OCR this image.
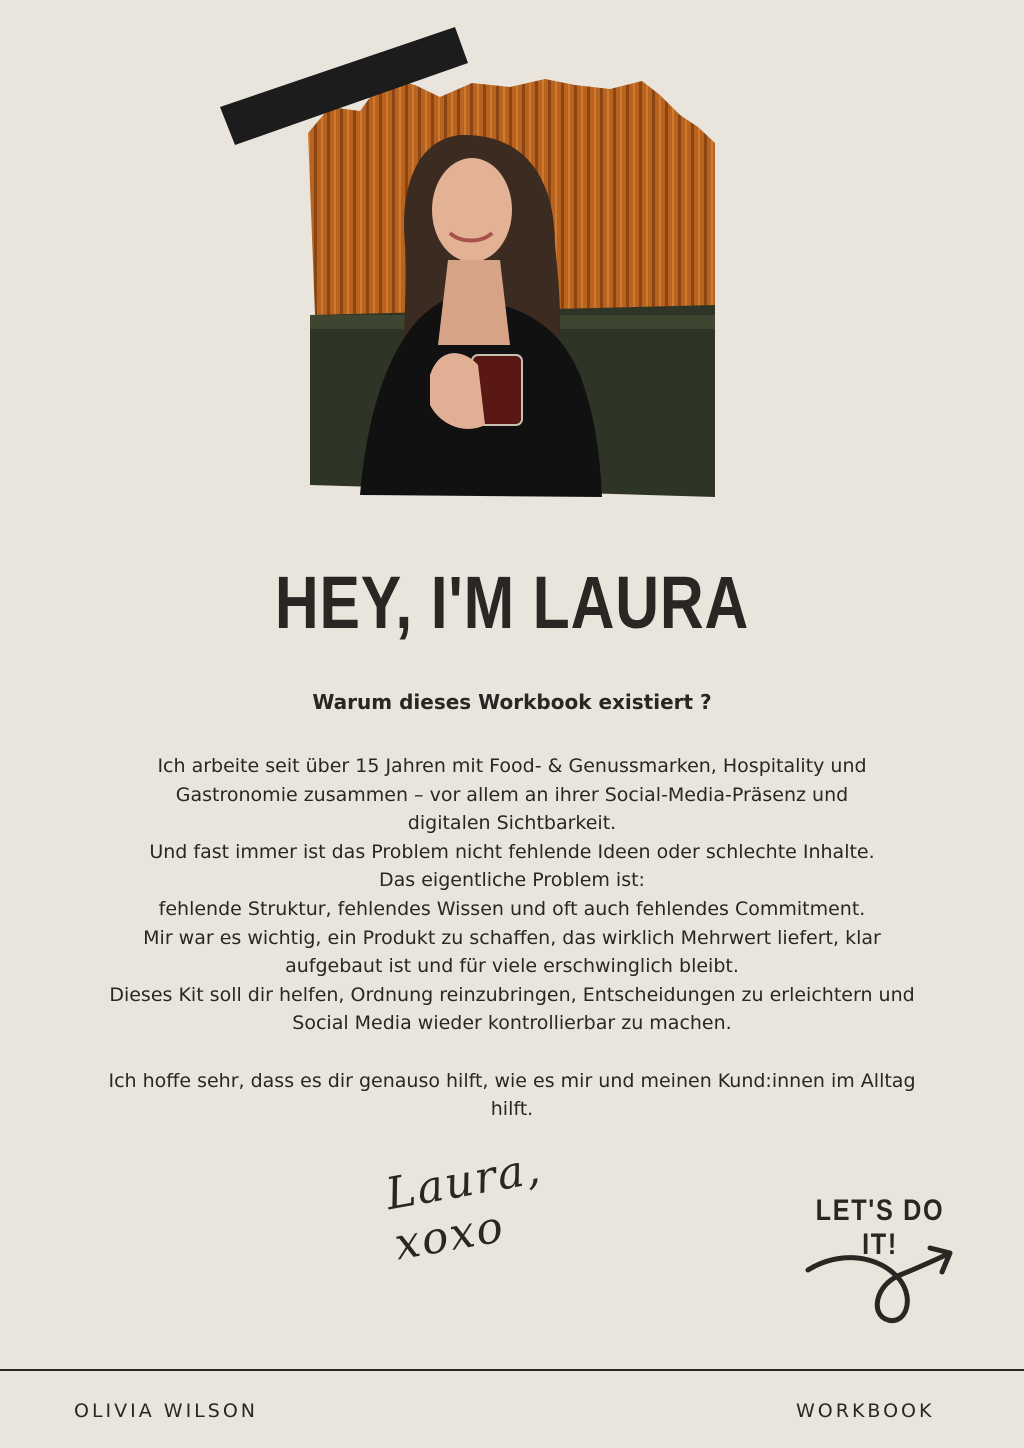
HEY, I'M LAURA
Warum dieses Workbook existiert ?
Ich arbeite seit über 15 Jahren mit Food- & Genussmarken, Hospitality und
Gastronomie zusammen – vor allem an ihrer Social-Media-Präsenz und
digitalen Sichtbarkeit.
Und fast immer ist das Problem nicht fehlende Ideen oder schlechte Inhalte.
Das eigentliche Problem ist:
fehlende Struktur, fehlendes Wissen und oft auch fehlendes Commitment.
Mir war es wichtig, ein Produkt zu schaffen, das wirklich Mehrwert liefert, klar
aufgebaut ist und für viele erschwinglich bleibt.
Dieses Kit soll dir helfen, Ordnung reinzubringen, Entscheidungen zu erleichtern und
Social Media wieder kontrollierbar zu machen.
Ich hoffe sehr, dass es dir genauso hilft, wie es mir und meinen Kund:innen im Alltag
hilft.
Laura, xoxo	LET'S DO IT!
OLIVIA WILSON	WORKBOOK
